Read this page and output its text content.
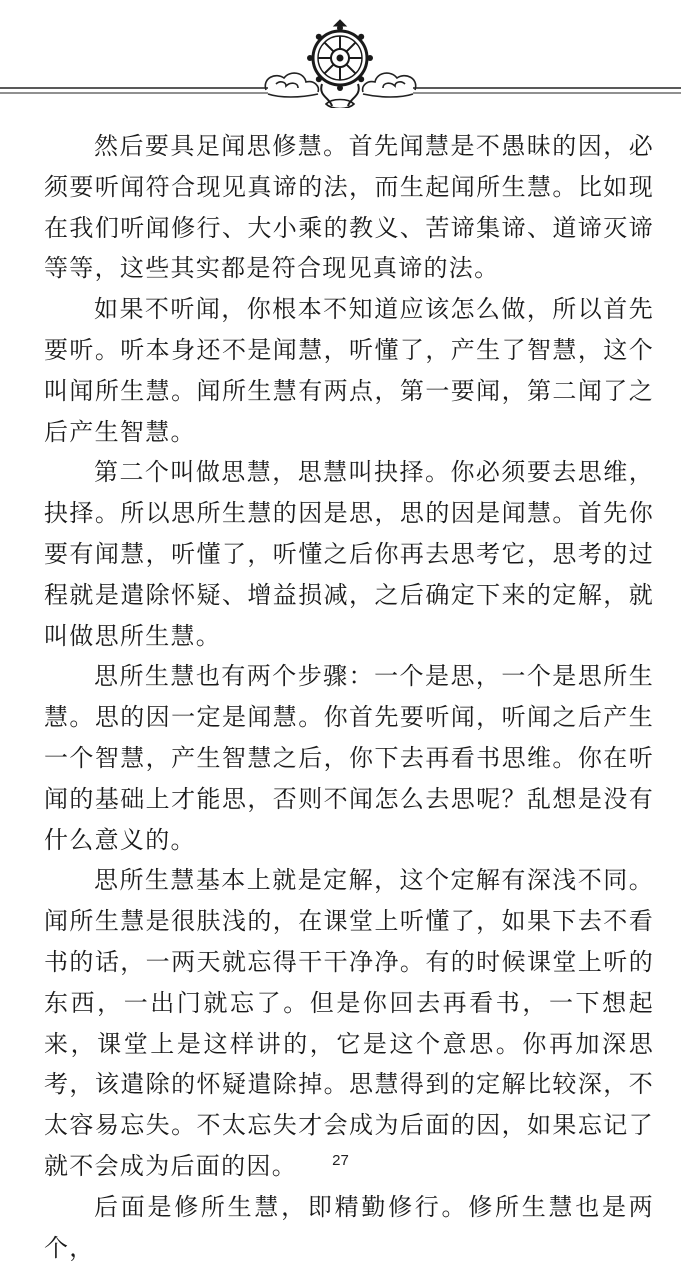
然后要具足闻思修慧。首先闻慧是不愚昧的因，必须要听闻符合现见真谛的法，而生起闻所生慧。比如现在我们听闻修行、大小乘的教义、苦谛集谛、道谛灭谛等等，这些其实都是符合现见真谛的法。

如果不听闻，你根本不知道应该怎么做，所以首先要听。听本身还不是闻慧，听懂了，产生了智慧，这个叫闻所生慧。闻所生慧有两点，第一要闻，第二闻了之后产生智慧。

第二个叫做思慧，思慧叫抉择。你必须要去思维，抉择。所以思所生慧的因是思，思的因是闻慧。首先你要有闻慧，听懂了，听懂之后你再去思考它，思考的过程就是遣除怀疑、增益损减，之后确定下来的定解，就叫做思所生慧。

思所生慧也有两个步骤：一个是思，一个是思所生慧。思的因一定是闻慧。你首先要听闻，听闻之后产生一个智慧，产生智慧之后，你下去再看书思维。你在听闻的基础上才能思，否则不闻怎么去思呢？乱想是没有什么意义的。

思所生慧基本上就是定解，这个定解有深浅不同。闻所生慧是很肤浅的，在课堂上听懂了，如果下去不看书的话，一两天就忘得干干净净。有的时候课堂上听的东西，一出门就忘了。但是你回去再看书，一下想起来，课堂上是这样讲的，它是这个意思。你再加深思考，该遣除的怀疑遣除掉。思慧得到的定解比较深，不太容易忘失。不太忘失才会成为后面的因，如果忘记了就不会成为后面的因。

后面是修所生慧，即精勤修行。修所生慧也是两个，

27
